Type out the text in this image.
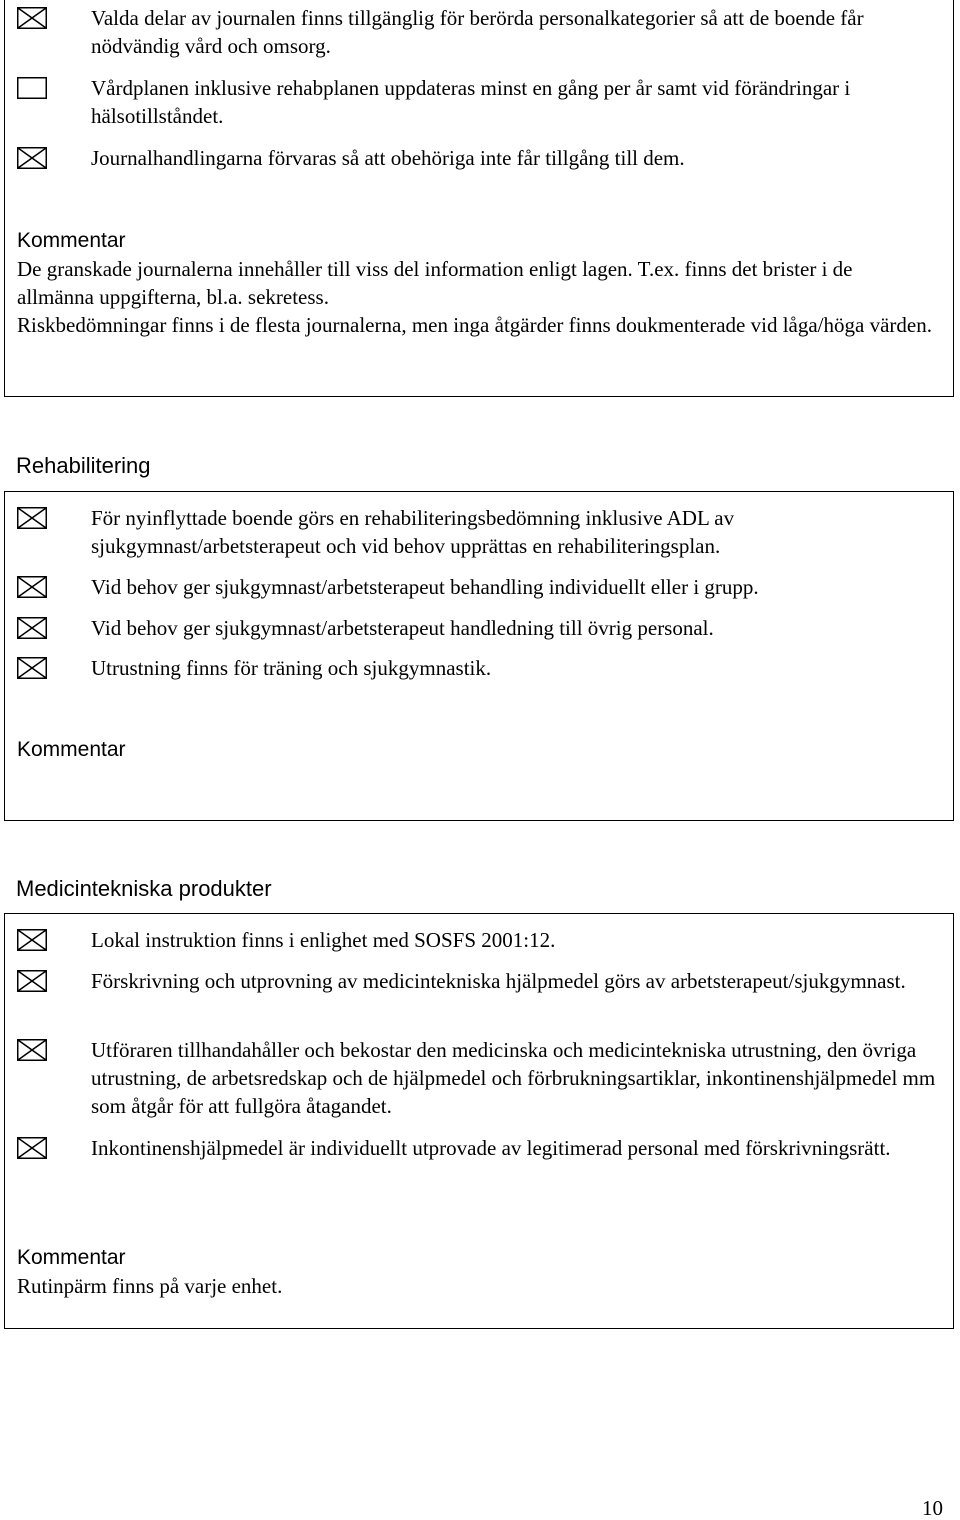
Valda delar av journalen finns tillgänglig för berörda personalkategorier så att de boende får nödvändig vård och omsorg.
Vårdplanen inklusive rehabplanen uppdateras minst en gång per år samt vid förändringar i hälsotillståndet.
Journalhandlingarna förvaras så att obehöriga inte får tillgång till dem.
Kommentar
De granskade journalerna innehåller till viss del information enligt lagen. T.ex. finns det brister i de allmänna uppgifterna, bl.a. sekretess.
Riskbedömningar finns i de flesta journalerna, men inga åtgärder finns doukmenterade vid låga/höga värden.
Rehabilitering
För nyinflyttade boende görs en rehabiliteringsbedömning inklusive ADL av sjukgymnast/arbetsterapeut och vid behov upprättas en rehabiliteringsplan.
Vid behov ger sjukgymnast/arbetsterapeut behandling individuellt eller i grupp.
Vid behov ger sjukgymnast/arbetsterapeut handledning till övrig personal.
Utrustning finns för träning och sjukgymnastik.
Kommentar
Medicintekniska produkter
Lokal instruktion finns i enlighet med SOSFS 2001:12.
Förskrivning och utprovning av medicintekniska hjälpmedel görs av arbetsterapeut/sjukgymnast.
Utföraren tillhandahåller och bekostar den medicinska och medicintekniska utrustning, den övriga utrustning, de arbetsredskap och de hjälpmedel och förbrukningsartiklar, inkontinenshjälpmedel mm som åtgår för att fullgöra åtagandet.
Inkontinenshjälpmedel är individuellt utprovade av legitimerad personal med förskrivningsrätt.
Kommentar
Rutinpärm finns på varje enhet.
10
